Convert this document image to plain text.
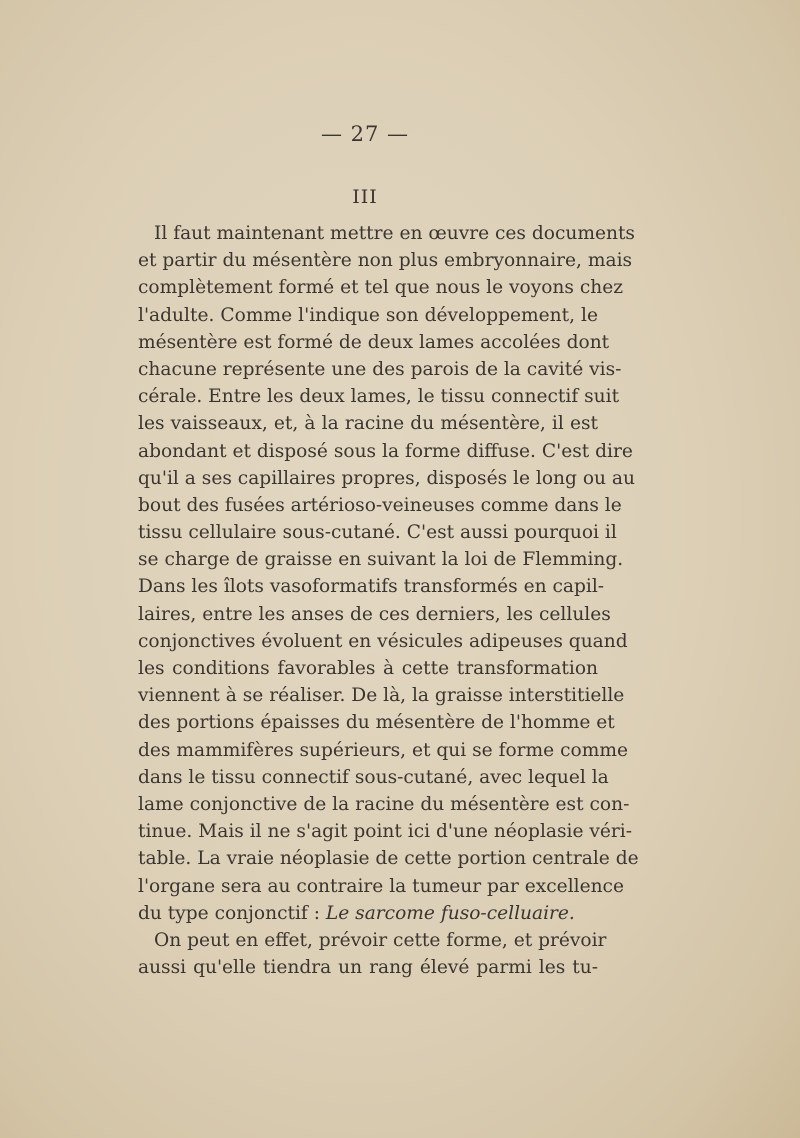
— 27 —
III
Il faut maintenant mettre en œuvre ces documents
et partir du mésentère non plus embryonnaire, mais
complètement formé et tel que nous le voyons chez
l'adulte. Comme l'indique son développement, le
mésentère est formé de deux lames accolées dont
chacune représente une des parois de la cavité vis-
cérale. Entre les deux lames, le tissu connectif suit
les vaisseaux, et, à la racine du mésentère, il est
abondant et disposé sous la forme diffuse. C'est dire
qu'il a ses capillaires propres, disposés le long ou au
bout des fusées artérioso-veineuses comme dans le
tissu cellulaire sous-cutané. C'est aussi pourquoi il
se charge de graisse en suivant la loi de Flemming.
Dans les îlots vasoformatifs transformés en capil-
laires, entre les anses de ces derniers, les cellules
conjonctives évoluent en vésicules adipeuses quand
les conditions favorables à cette transformation
viennent à se réaliser. De là, la graisse interstitielle
des portions épaisses du mésentère de l'homme et
des mammifères supérieurs, et qui se forme comme
dans le tissu connectif sous-cutané, avec lequel la
lame conjonctive de la racine du mésentère est con-
tinue. Mais il ne s'agit point ici d'une néoplasie véri-
table. La vraie néoplasie de cette portion centrale de
l'organe sera au contraire la tumeur par excellence
du type conjonctif : Le sarcome fuso-celluaire.
On peut en effet, prévoir cette forme, et prévoir
aussi qu'elle tiendra un rang élevé parmi les tu-
